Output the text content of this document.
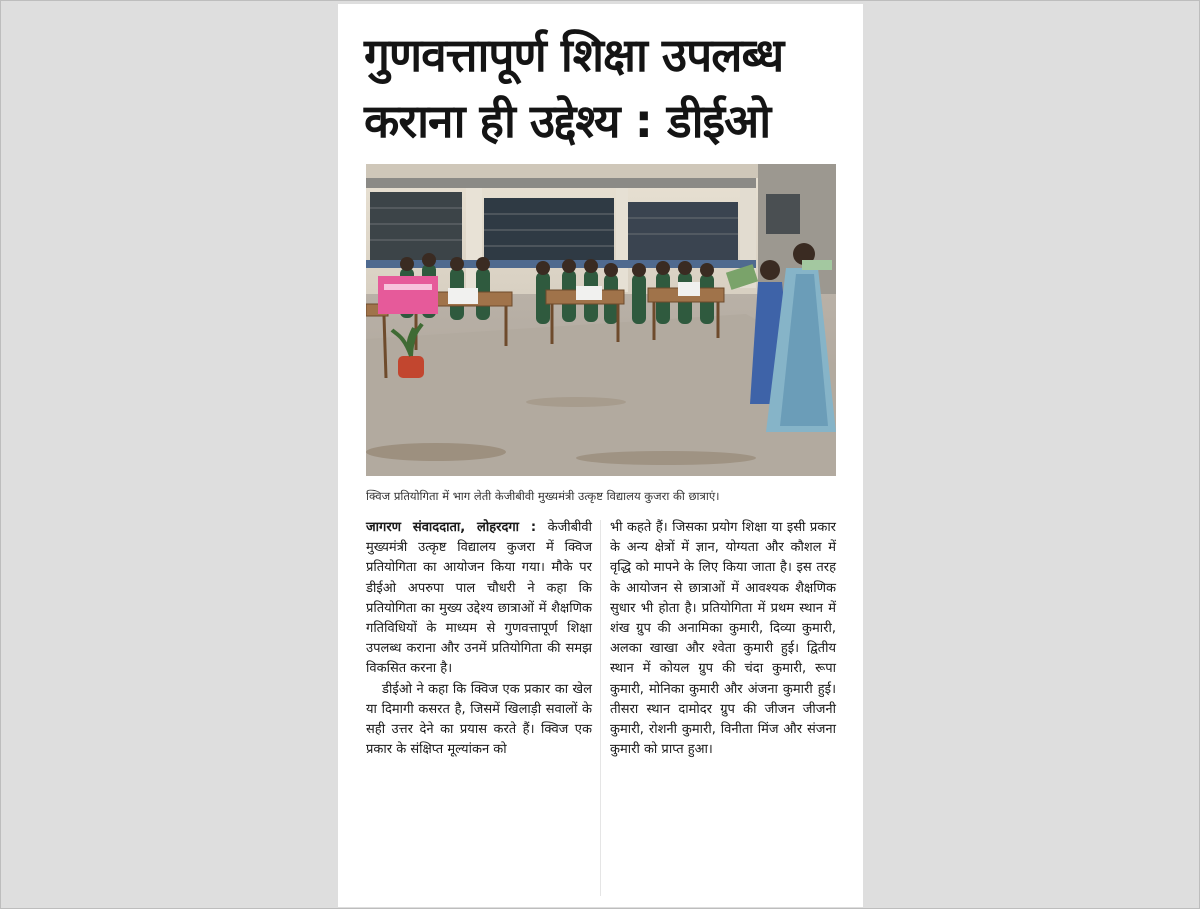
गुणवत्तापूर्ण शिक्षा उपलब्ध
कराना ही उद्देश्य : डीईओ
क्विज प्रतियोगिता में भाग लेती केजीबीवी मुख्यमंत्री उत्कृष्ट विद्यालय कुजरा की छात्राएं।

जागरण संवाददाता, लोहरदगा : केजीबीवी मुख्यमंत्री उत्कृष्ट विद्यालय कुजरा में क्विज प्रतियोगिता का आयोजन किया गया। मौके पर डीईओ अपरुपा पाल चौधरी ने कहा कि प्रतियोगिता का मुख्य उद्देश्य छात्राओं में शैक्षणिक गतिविधियों के माध्यम से गुणवत्तापूर्ण शिक्षा उपलब्ध कराना और उनमें प्रतियोगिता की समझ विकसित करना है।

डीईओ ने कहा कि क्विज एक प्रकार का खेल या दिमागी कसरत है, जिसमें खिलाड़ी सवालों के सही उत्तर देने का प्रयास करते हैं। क्विज एक प्रकार के संक्षिप्त मूल्यांकन को

भी कहते हैं। जिसका प्रयोग शिक्षा या इसी प्रकार के अन्य क्षेत्रों में ज्ञान, योग्यता और कौशल में वृद्धि को मापने के लिए किया जाता है। इस तरह के आयोजन से छात्राओं में आवश्यक शैक्षणिक सुधार भी होता है। प्रतियोगिता में प्रथम स्थान में शंख ग्रुप की अनामिका कुमारी, दिव्या कुमारी, अलका खाखा और श्वेता कुमारी हुई। द्वितीय स्थान में कोयल ग्रुप की चंदा कुमारी, रूपा कुमारी, मोनिका कुमारी और अंजना कुमारी हुई। तीसरा स्थान दामोदर ग्रुप की जीजन जीजनी कुमारी, रोशनी कुमारी, विनीता मिंज और संजना कुमारी को प्राप्त हुआ।
